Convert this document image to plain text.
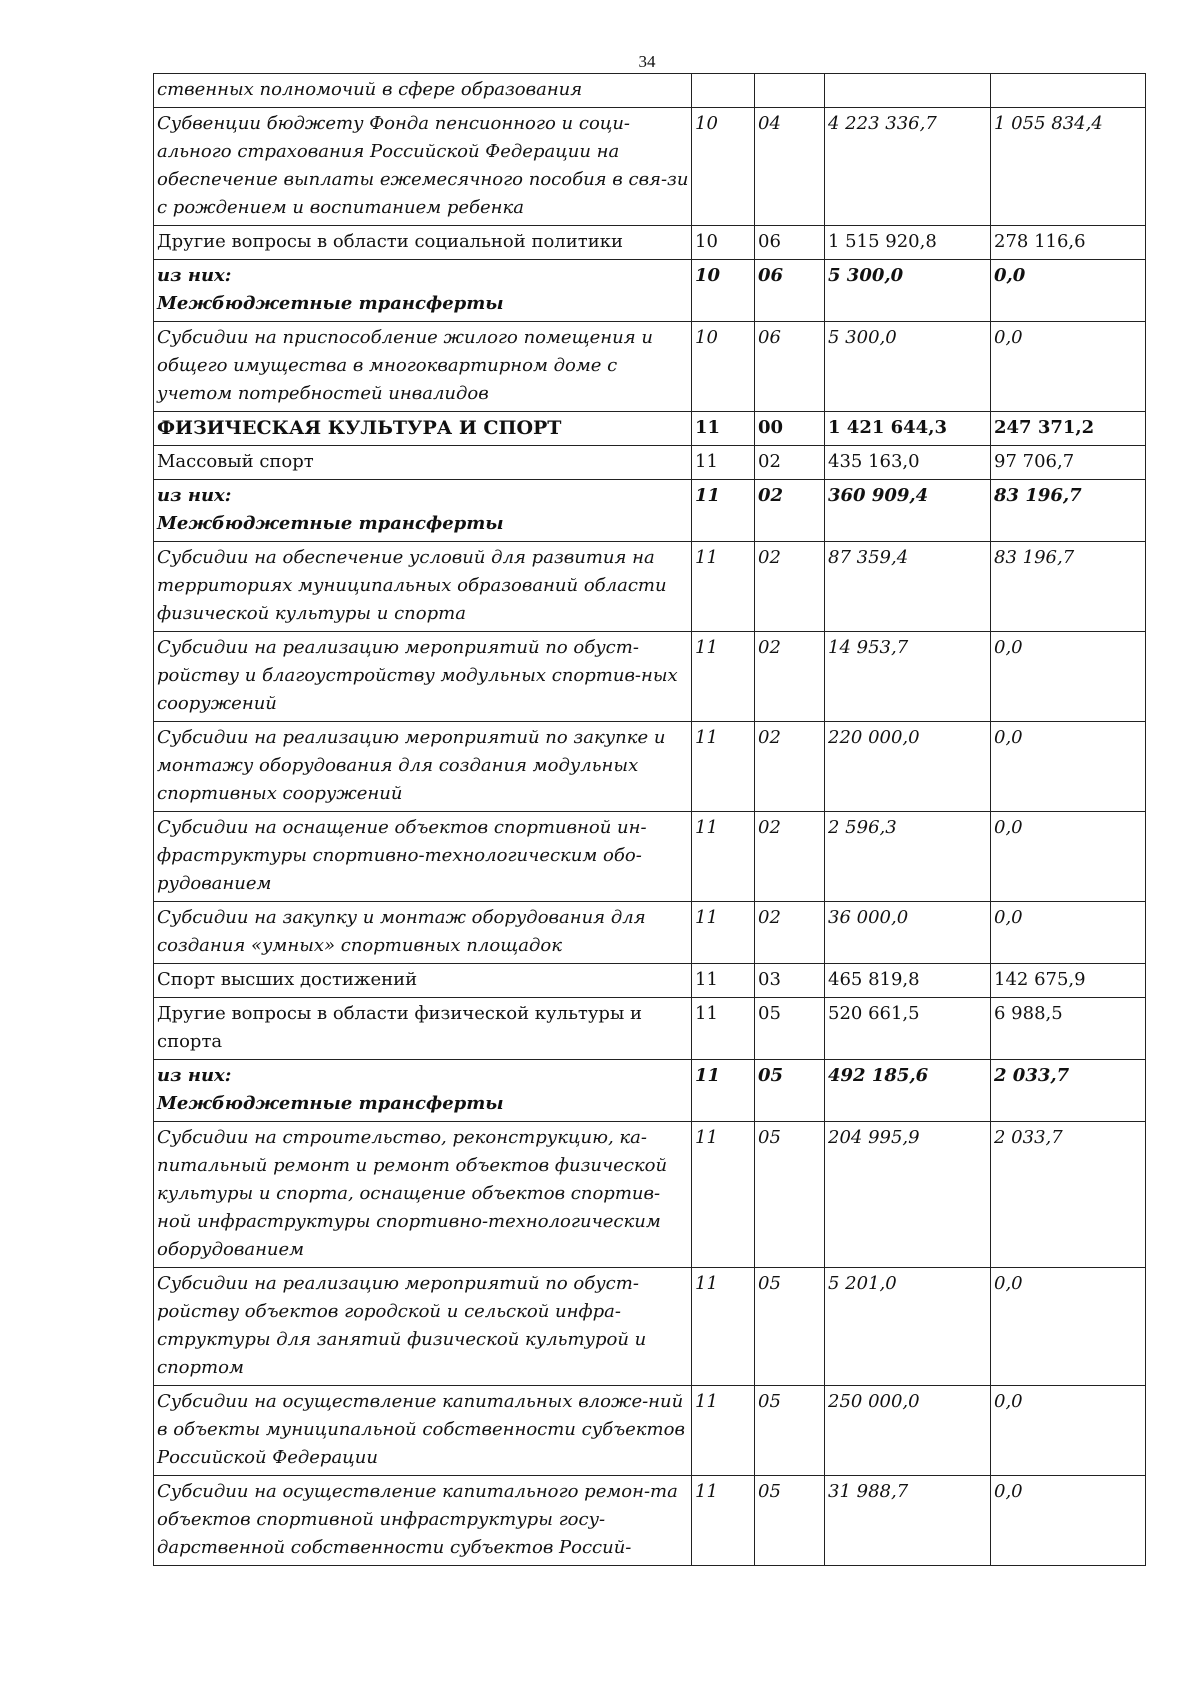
34
ственных полномочий в сфере образования				
Субвенции бюджету Фонда пенсионного и соци-ального страхования Российской Федерации на обеспечение выплаты ежемесячного пособия в свя-зи с рождением и воспитанием ребенка	10	04	4 223 336,7	1 055 834,4
Другие вопросы в области социальной политики	10	06	1 515 920,8	278 116,6

из них:
Межбюджетные трансферты	10	06	5 300,0	0,0
Субсидии на приспособление жилого помещения и общего имущества в многоквартирном доме с учетом потребностей инвалидов	10	06	5 300,0	0,0
ФИЗИЧЕСКАЯ КУЛЬТУРА И СПОРТ	11	00	1 421 644,3	247 371,2
Массовый спорт	11	02	435 163,0	97 706,7

из них:
Межбюджетные трансферты	11	02	360 909,4	83 196,7
Субсидии на обеспечение условий для развития на территориях муниципальных образований области физической культуры и спорта	11	02	87 359,4	83 196,7
Субсидии на реализацию мероприятий по обуст-ройству и благоустройству модульных спортив-ных сооружений	11	02	14 953,7	0,0
Субсидии на реализацию мероприятий по закупке и монтажу оборудования для создания модульных спортивных сооружений	11	02	220 000,0	0,0
Субсидии на оснащение объектов спортивной ин-фраструктуры спортивно-технологическим обо-рудованием	11	02	2 596,3	0,0
Субсидии на закупку и монтаж оборудования для создания «умных» спортивных площадок	11	02	36 000,0	0,0
Спорт высших достижений	11	03	465 819,8	142 675,9
Другие вопросы в области физической культуры и спорта	11	05	520 661,5	6 988,5

из них:
Межбюджетные трансферты	11	05	492 185,6	2 033,7
Субсидии на строительство, реконструкцию, ка-питальный ремонт и ремонт объектов физической культуры и спорта, оснащение объектов спортив-ной инфраструктуры спортивно-технологическим оборудованием	11	05	204 995,9	2 033,7
Субсидии на реализацию мероприятий по обуст-ройству объектов городской и сельской инфра-структуры для занятий физической культурой и спортом	11	05	5 201,0	0,0
Субсидии на осуществление капитальных вложе-ний в объекты муниципальной собственности субъектов Российской Федерации	11	05	250 000,0	0,0
Субсидии на осуществление капитального ремон-та объектов спортивной инфраструктуры госу-дарственной собственности субъектов Россий-	11	05	31 988,7	0,0
